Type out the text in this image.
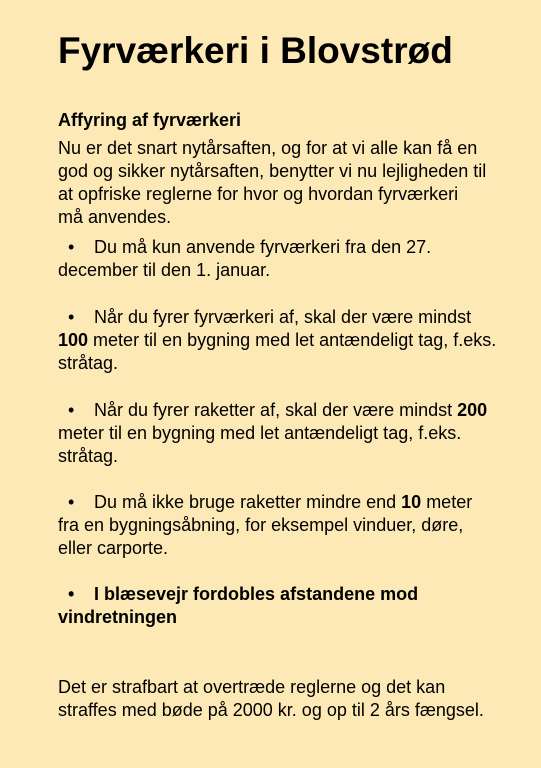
Fyrværkeri i Blovstrød
Affyring af fyrværkeri

Nu er det snart nytårsaften, og for at vi alle kan få en god og sikker nytårsaften, benytter vi nu lejligheden til at opfriske reglerne for hvor og hvordan fyrværkeri må anvendes.

• Du må kun anvende fyrværkeri fra den 27. december til den 1. januar.

• Når du fyrer fyrværkeri af, skal der være mindst 100 meter til en bygning med let antændeligt tag, f.eks. stråtag.

• Når du fyrer raketter af, skal der være mindst 200 meter til en bygning med let antændeligt tag, f.eks. stråtag.

• Du må ikke bruge raketter mindre end 10 meter fra en bygningsåbning, for eksempel vinduer, døre, eller carporte.

• I blæsevejr fordobles afstandene mod vindretningen

Det er strafbart at overtræde reglerne og det kan straffes med bøde på 2000 kr. og op til 2 års fængsel.
